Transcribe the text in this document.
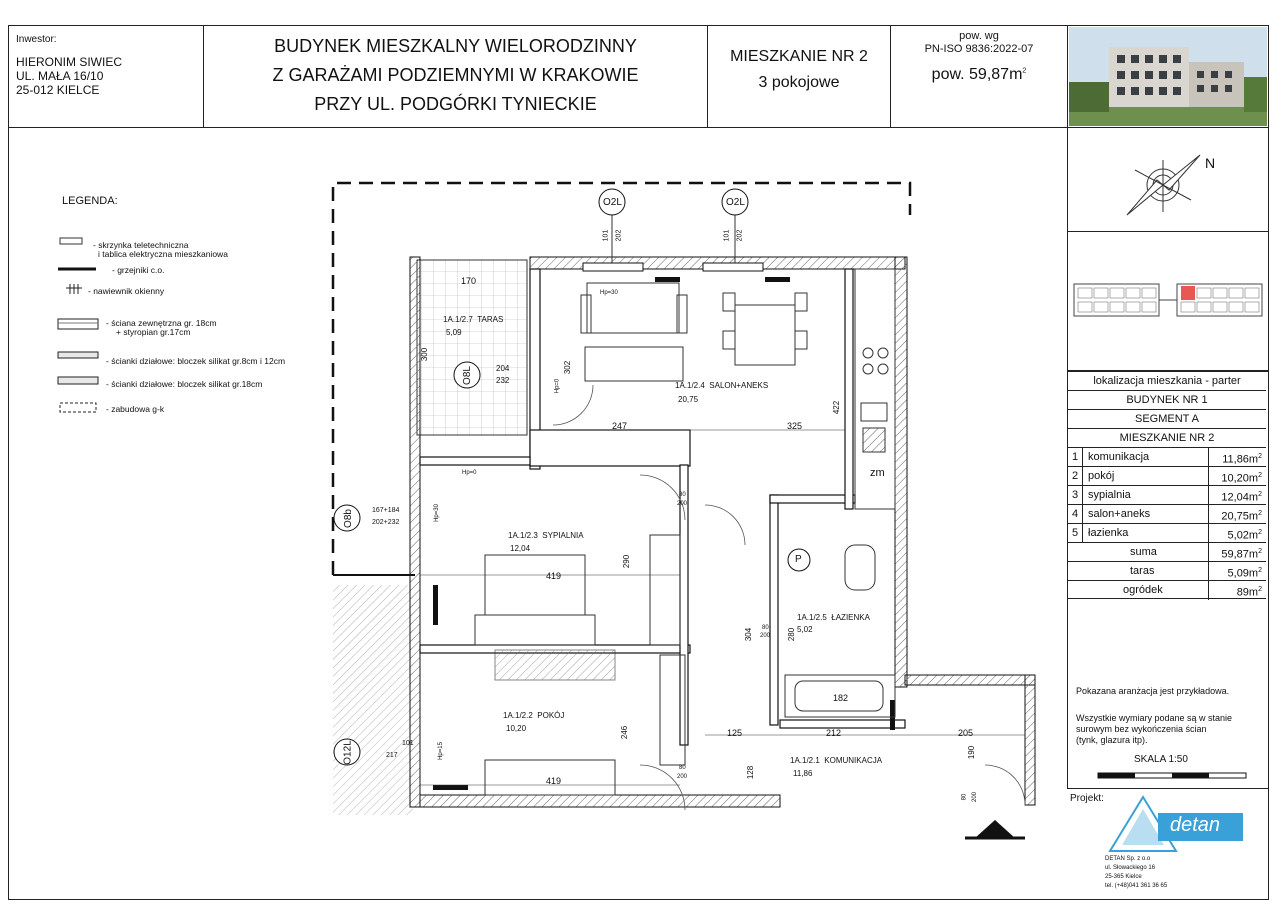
Inwestor:
HIERONIM SIWIEC
UL. MAŁA 16/10
25-012 KIELCE
BUDYNEK MIESZKALNY WIELORODZINNY
Z GARAŻAMI PODZIEMNYMI W KRAKOWIE
PRZY UL. PODGÓRKI TYNIECKIE
MIESZKANIE NR 2
3 pokojowe
pow. wg
PN-ISO 9836:2022-07
pow. $59,87m^2$
LEGENDA:
- skrzynka teletechniczna
i tablica elektryczna mieszkaniowa
- grzejniki c.o.
- nawiewnik okienny
- ściana zewnętrzna gr. 18cm
+ styropian gr.17cm
- ścianki działowe: bloczek silikat gr.8cm i 12cm
- ścianki działowe: bloczek silikat gr.18cm
- zabudowa g-k
O2L	O2L
O8L
O8b
O12L
1A.1/2.7 TARAS
5,09
1A.1/2.4 SALON+ANEKS
20,75
1A.1/2.3 SYPIALNIA
12,04
1A.1/2.5 ŁAZIENKA
5,02
1A.1/2.2 POKÓJ
10,20
1A.1/2.1 KOMUNIKACJA
11,86
170
300
204
232
302
247	325
422
419
290
304	280
182
212
125	205
246
128
190
419
101 202	101 202
167+184
202+232
101
217
80
200
80
200
80
200
80 200
Hp=30
Hp=0
Hp=30
Hp=0
Hp=15
zm
P
N
lokalizacja mieszkania - parter
BUDYNEK NR 1
SEGMENT A
MIESZKANIE NR 2
1 komunikacja	$11,86m^2$
2 pokój	$10,20m^2$
3 sypialnia	$12,04m^2$
4 salon+aneks	$20,75m^2$
5 łazienka	$5,02m^2$
suma	$59,87m^2$
taras	$5,09m^2$
ogródek	$89m^2$
Pokazana aranżacja jest przykładowa.
Wszystkie wymiary podane są w stanie
surowym bez wykończenia ścian
(tynk, glazura itp).
SKALA 1:50
Projekt:
detan
DETAN Sp. z o.o
ul. Słowackiego 16
25-365 Kielce
tel. (+48)041 361 36 65
